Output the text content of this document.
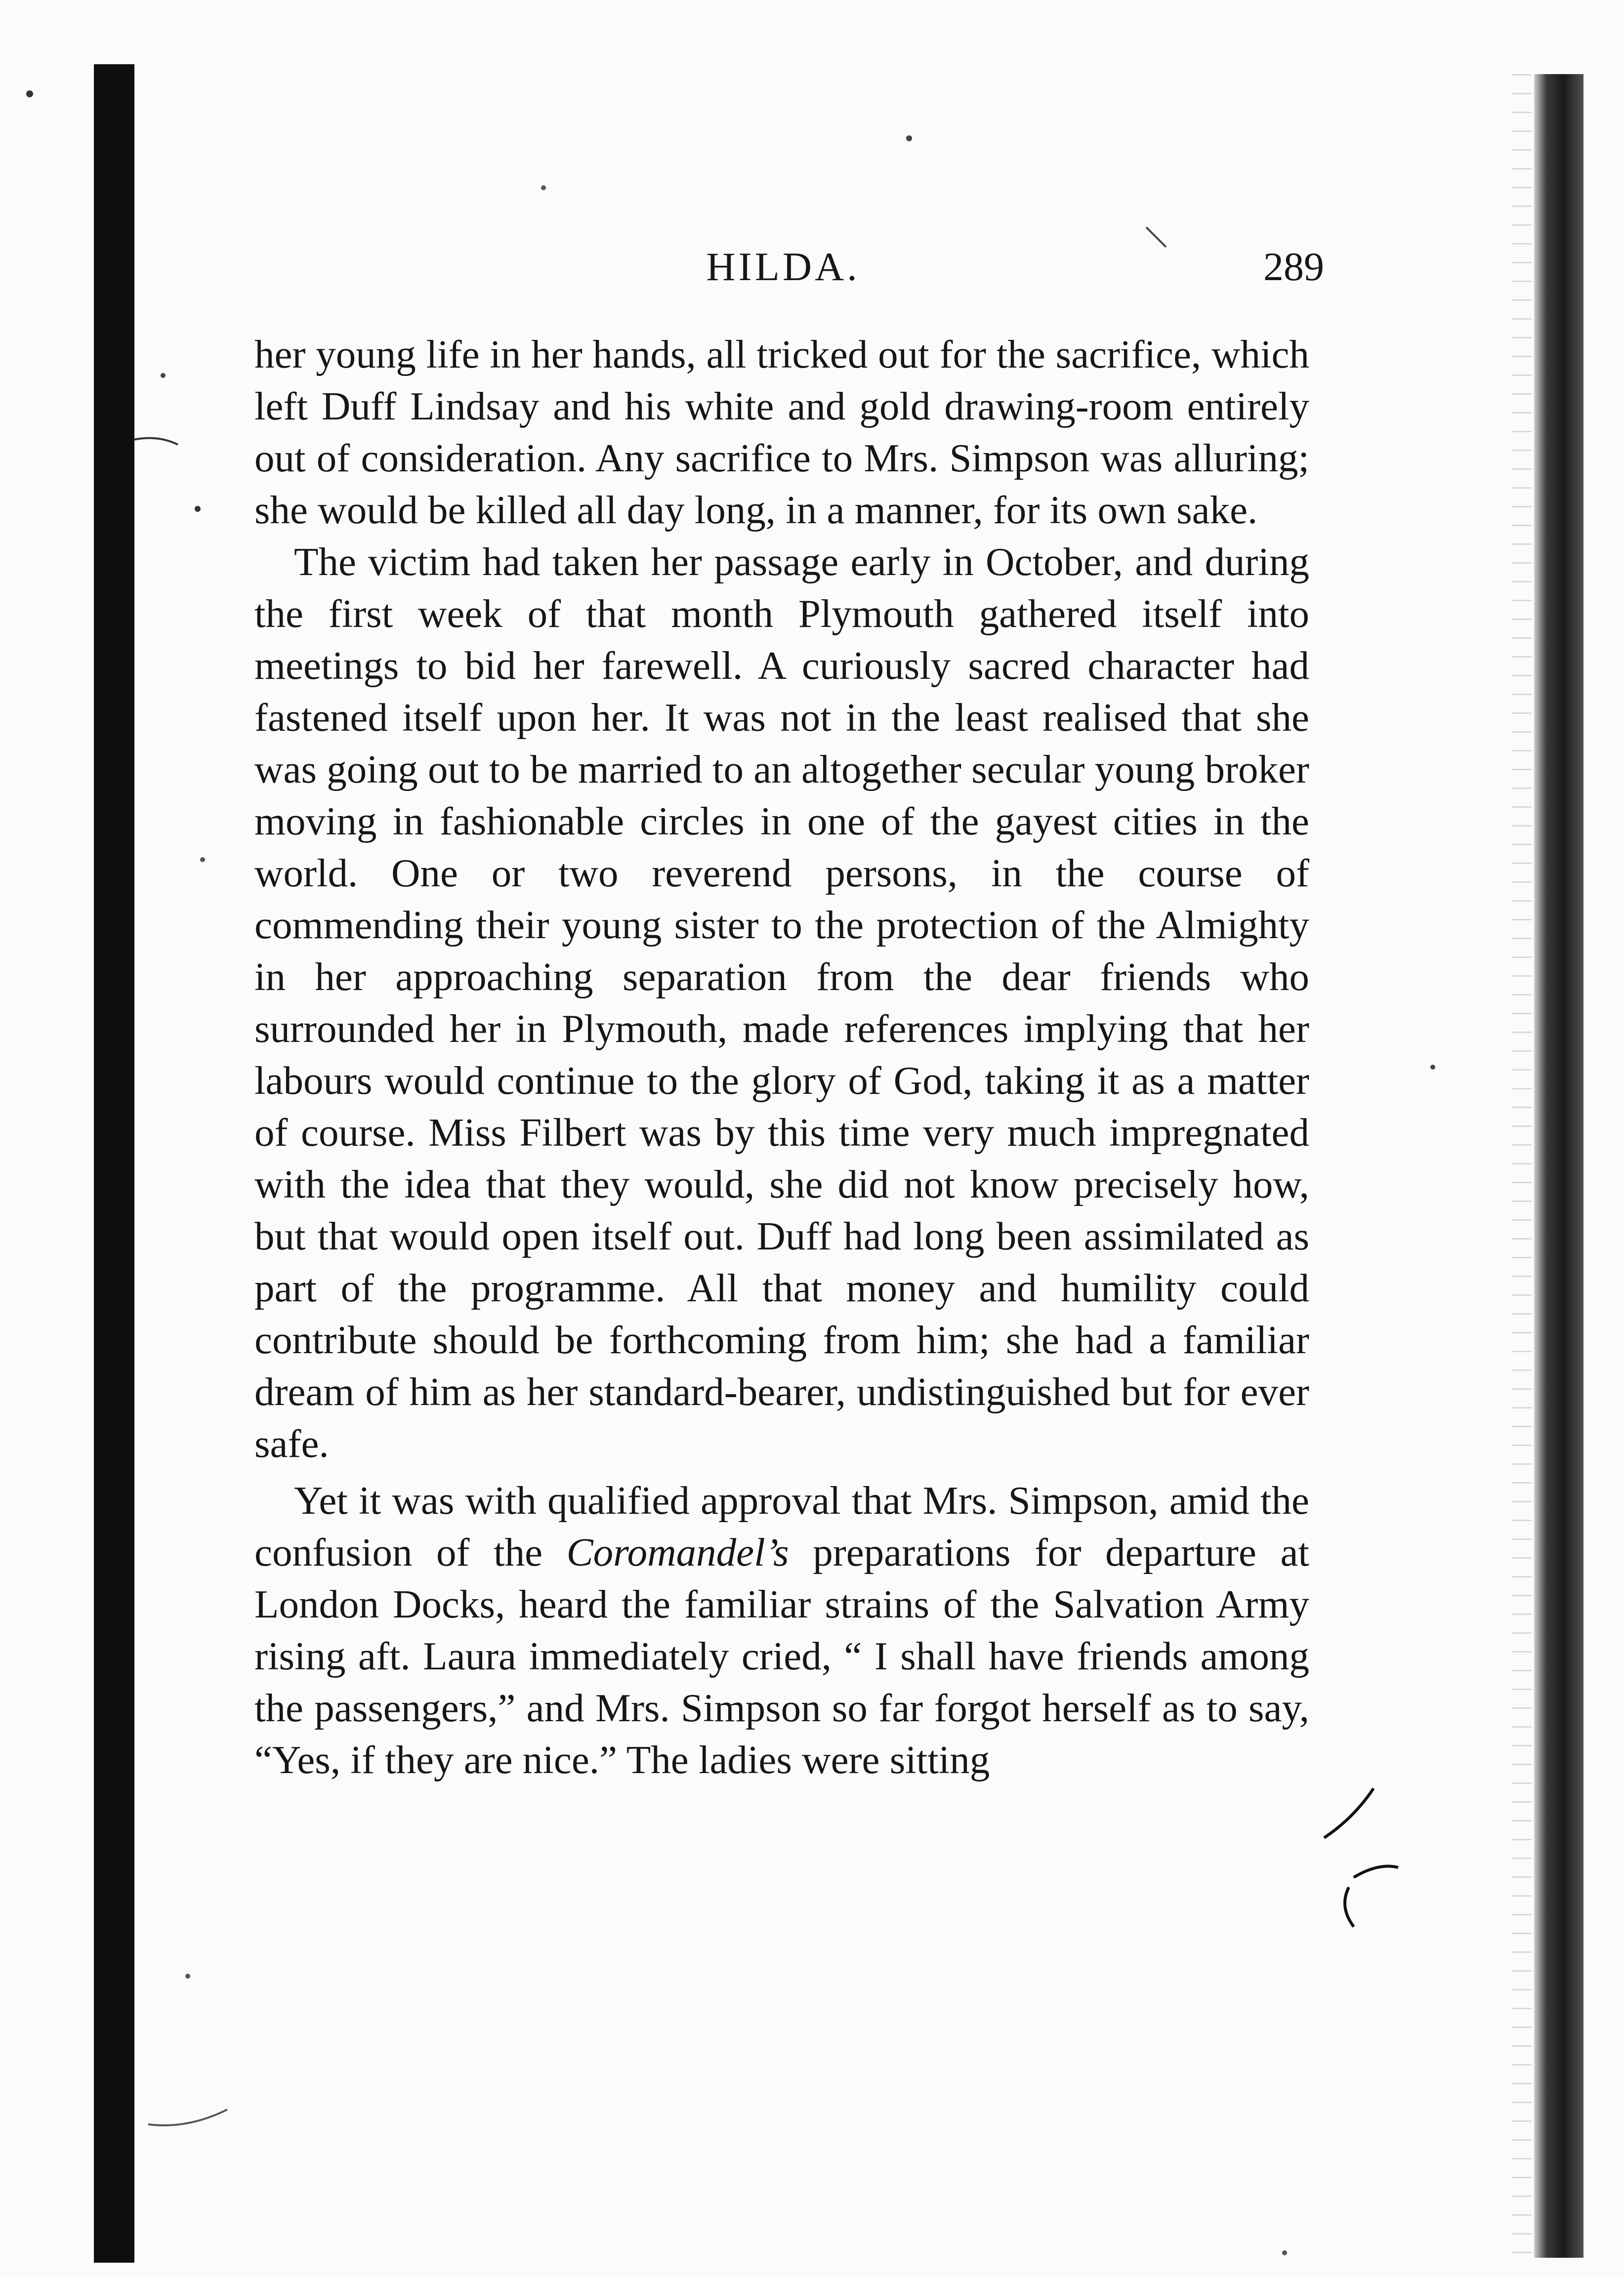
HILDA.	289

her young life in her hands, all tricked out for the sacrifice, which left Duff Lindsay and his white and gold drawing-room entirely out of consideration. Any sacrifice to Mrs. Simpson was alluring; she would be killed all day long, in a manner, for its own sake.

The victim had taken her passage early in October, and during the first week of that month Plymouth gathered itself into meetings to bid her farewell. A curiously sacred character had fastened itself upon her. It was not in the least realised that she was going out to be married to an altogether secular young broker moving in fashionable circles in one of the gayest cities in the world. One or two reverend persons, in the course of commending their young sister to the protection of the Almighty in her approaching separation from the dear friends who surrounded her in Plymouth, made references implying that her labours would continue to the glory of God, taking it as a matter of course. Miss Filbert was by this time very much impregnated with the idea that they would, she did not know precisely how, but that would open itself out. Duff had long been assimilated as part of the programme. All that money and humility could contribute should be forthcoming from him; she had a familiar dream of him as her standard-bearer, undistinguished but for ever safe.

Yet it was with qualified approval that Mrs. Simpson, amid the confusion of the Coromandel’s preparations for departure at London Docks, heard the familiar strains of the Salvation Army rising aft. Laura immediately cried, “ I shall have friends among the passengers,” and Mrs. Simpson so far forgot herself as to say, “Yes, if they are nice.” The ladies were sitting
